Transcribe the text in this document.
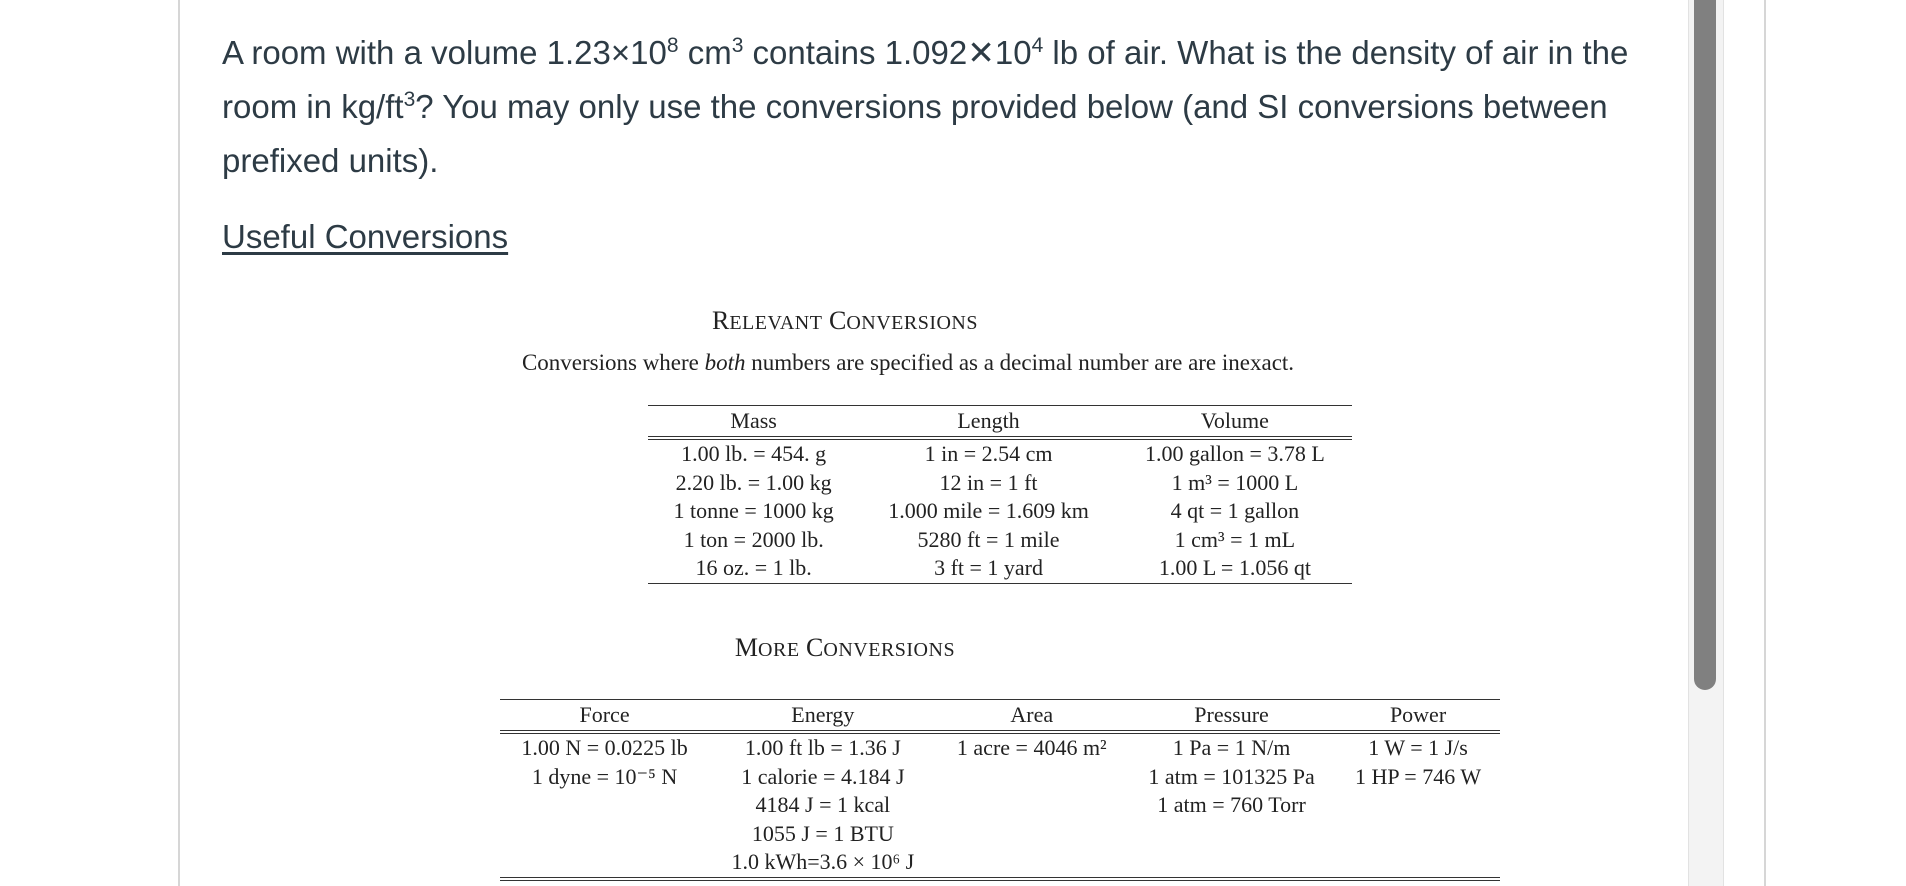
A room with a volume $1.23\times 10^8$ $cm^3$ contains $1.092✕10^4$ lb of air. What is the density of air in the

room in $kg/ft^3$? You may only use the conversions provided below (and SI conversions between

prefixed units).

Useful Conversions
RELEVANT CONVERSIONS
Conversions where both numbers are specified as a decimal number are are inexact.
Mass	Length	Volume
1.00 lb. = 454. g	1 in = 2.54 cm	1.00 gallon = 3.78 L
2.20 lb. = 1.00 kg	12 in = 1 ft	1 m³ = 1000 L
1 tonne = 1000 kg	1.000 mile = 1.609 km	4 qt = 1 gallon
1 ton = 2000 lb.	5280 ft = 1 mile	1 cm³ = 1 mL
16 oz. = 1 lb.	3 ft = 1 yard	1.00 L = 1.056 qt
MORE CONVERSIONS
Force	Energy	Area	Pressure	Power
1.00 N = 0.0225 lb	1.00 ft lb = 1.36 J	1 acre = 4046 m²	1 Pa = 1 N/m	1 W = 1 J/s
1 dyne = 10⁻⁵ N	1 calorie = 4.184 J		1 atm = 101325 Pa	1 HP = 746 W
	4184 J = 1 kcal		1 atm = 760 Torr	
	1055 J = 1 BTU			
	1.0 kWh=3.6 × 10⁶ J			
